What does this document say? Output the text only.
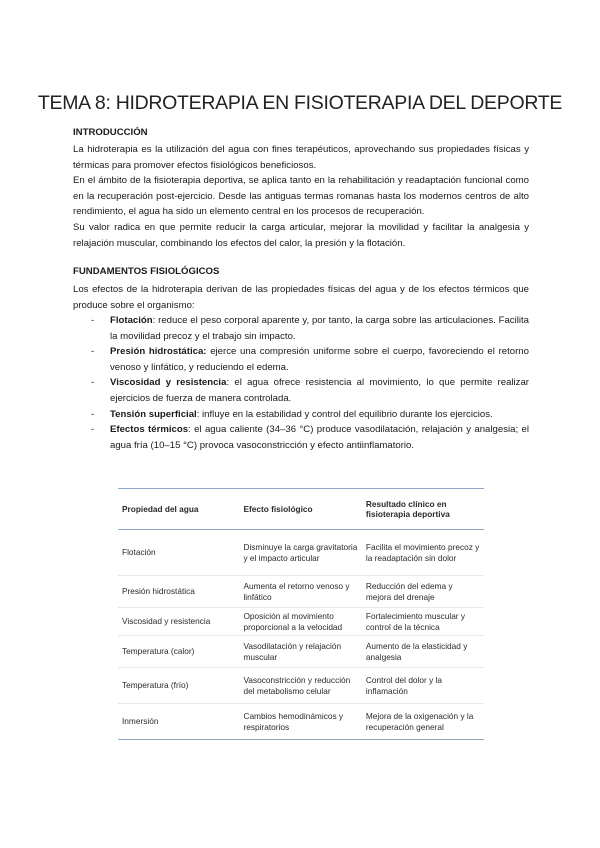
TEMA 8: HIDROTERAPIA EN FISIOTERAPIA DEL DEPORTE
INTRODUCCIÓN

La hidroterapia es la utilización del agua con fines terapéuticos, aprovechando sus propiedades físicas y térmicas para promover efectos fisiológicos beneficiosos.

En el ámbito de la fisioterapia deportiva, se aplica tanto en la rehabilitación y readaptación funcional como en la recuperación post-ejercicio. Desde las antiguas termas romanas hasta los modernos centros de alto rendimiento, el agua ha sido un elemento central en los procesos de recuperación.

Su valor radica en que permite reducir la carga articular, mejorar la movilidad y facilitar la analgesia y relajación muscular, combinando los efectos del calor, la presión y la flotación.

FUNDAMENTOS FISIOLÓGICOS

Los efectos de la hidroterapia derivan de las propiedades físicas del agua y de los efectos térmicos que produce sobre el organismo:

- Flotación: reduce el peso corporal aparente y, por tanto, la carga sobre las articulaciones. Facilita la movilidad precoz y el trabajo sin impacto.
- Presión hidrostática: ejerce una compresión uniforme sobre el cuerpo, favoreciendo el retorno venoso y linfático, y reduciendo el edema.
- Viscosidad y resistencia: el agua ofrece resistencia al movimiento, lo que permite realizar ejercicios de fuerza de manera controlada.
- Tensión superficial: influye en la estabilidad y control del equilibrio durante los ejercicios.
- Efectos térmicos: el agua caliente (34–36 °C) produce vasodilatación, relajación y analgesia; el agua fría (10–15 °C) provoca vasoconstricción y efecto antiinflamatorio.
Propiedad del agua	Efecto fisiológico	Resultado clínico en fisioterapia deportiva
Flotación	Disminuye la carga gravitatoria y el impacto articular	Facilita el movimiento precoz y la readaptación sin dolor
Presión hidrostática	Aumenta el retorno venoso y linfático	Reducción del edema y mejora del drenaje
Viscosidad y resistencia	Oposición al movimiento proporcional a la velocidad	Fortalecimiento muscular y control de la técnica
Temperatura (calor)	Vasodilatación y relajación muscular	Aumento de la elasticidad y analgesia
Temperatura (frío)	Vasoconstricción y reducción del metabolismo celular	Control del dolor y la inflamación
Inmersión	Cambios hemodinámicos y respiratorios	Mejora de la oxigenación y la recuperación general
